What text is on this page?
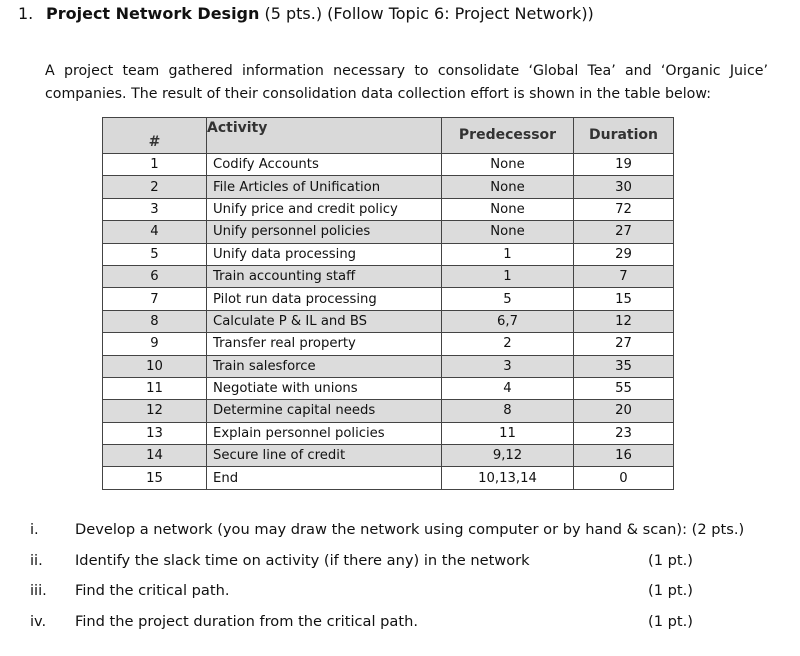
1. Project Network Design (5 pts.) (Follow Topic 6: Project Network))
A project team gathered information necessary to consolidate ‘Global Tea’ and ‘Organic Juice’ companies. The result of their consolidation data collection effort is shown in the table below:
#	Activity	Predecessor	Duration
1	Codify Accounts	None	19
2	File Articles of Unification	None	30
3	Unify price and credit policy	None	72
4	Unify personnel policies	None	27
5	Unify data processing	1	29
6	Train accounting staff	1	7
7	Pilot run data processing	5	15
8	Calculate P & IL and BS	6,7	12
9	Transfer real property	2	27
10	Train salesforce	3	35
11	Negotiate with unions	4	55
12	Determine capital needs	8	20
13	Explain personnel policies	11	23
14	Secure line of credit	9,12	16
15	End	10,13,14	0
i.	Develop a network (you may draw the network using computer or by hand & scan): (2 pts.)
ii.	Identify the slack time on activity (if there any) in the network	(1 pt.)
iii. Find the critical path.	(1 pt.)
iv. Find the project duration from the critical path.	(1 pt.)
